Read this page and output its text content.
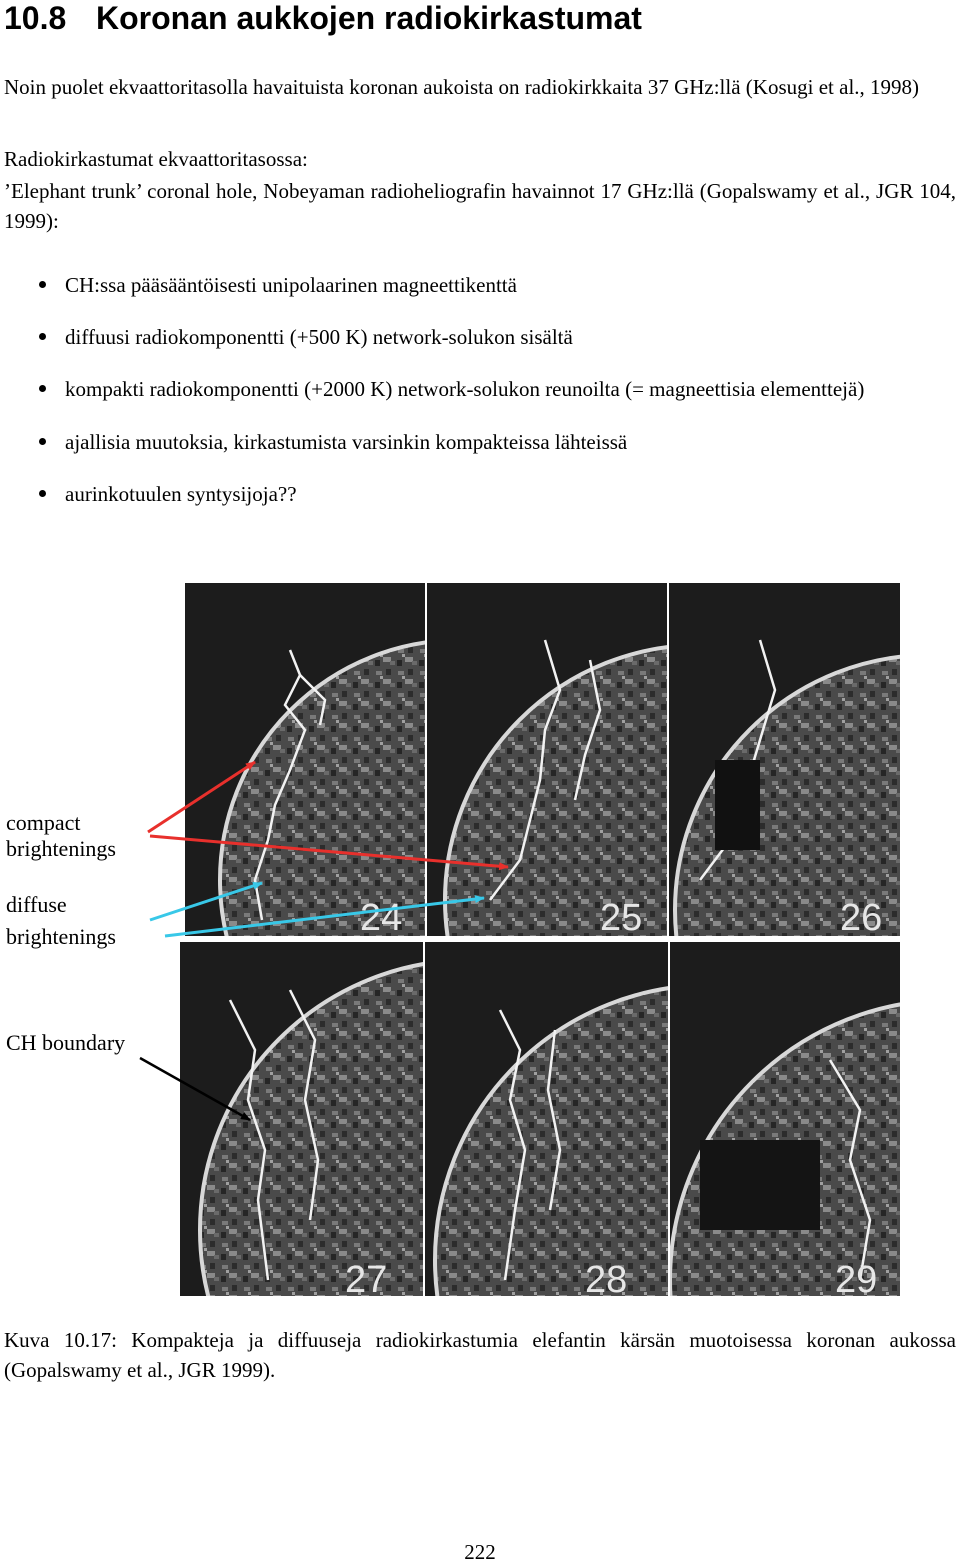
10.8 Koronan aukkojen radiokirkastumat

Noin puolet ekvaattoritasolla havaituista koronan aukoista on radiokirkkaita 37 GHz:llä (Kosugi et al., 1998)

Radiokirkastumat ekvaattoritasossa:

’Elephant trunk’ coronal hole, Nobeyaman radioheliografin havainnot 17 GHz:llä (Gopalswamy et al., JGR 104, 1999):

CH:ssa pääsääntöisesti unipolaarinen magneettikenttä
diffuusi radiokomponentti (+500 K) network-solukon sisältä
kompakti radiokomponentti (+2000 K) network-solukon reunoilta (= magneettisia elementtejä)
ajallisia muutoksia, kirkastumista varsinkin kompakteissa lähteissä
aurinkotuulen syntysijoja??
24	25	26
27	28	29
compact
brightenings
diffuse
brightenings
CH boundary

Kuva 10.17: Kompakteja ja diffuuseja radiokirkastumia elefantin kärsän muotoisessa koronan aukossa (Gopalswamy et al., JGR 1999).

222
